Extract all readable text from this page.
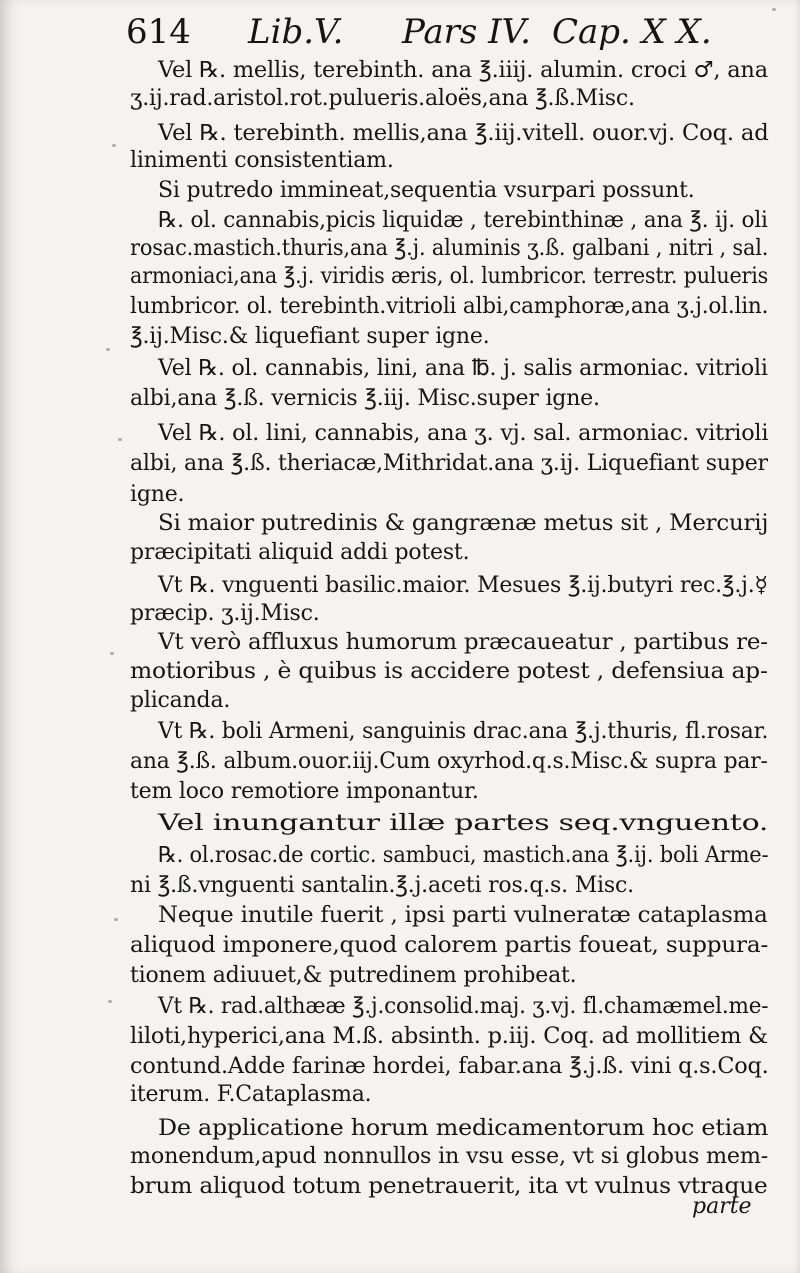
614 Lib.V. Pars IV. Cap. X X.
Vel ℞. mellis, terebinth. ana ℥.iiij. alumin. croci ♂, ana
ʒ.ij.rad.aristol.rot.pulueris.aloës,ana ℥.ß.Misc.
Vel ℞. terebinth. mellis,ana ℥.iij.vitell. ouor.vj. Coq. ad
linimenti consistentiam.
Si putredo immineat,sequentia vsurpari possunt.
℞. ol. cannabis,picis liquidæ , terebinthinæ , ana ℥. ij. oli
rosac.mastich.thuris,ana ℥.j. aluminis ʒ.ß. galbani , nitri , sal.
armoniaci,ana ℥.j. viridis æris, ol. lumbricor. terrestr. pulueris
lumbricor. ol. terebinth.vitrioli albi,camphoræ,ana ʒ.j.ol.lin.
℥.ij.Misc.& liquefiant super igne.
Vel ℞. ol. cannabis, lini, ana ℔. j. salis armoniac. vitrioli
albi,ana ℥.ß. vernicis ℥.iij. Misc.super igne.
Vel ℞. ol. lini, cannabis, ana ʒ. vj. sal. armoniac. vitrioli
albi, ana ℥.ß. theriacæ,Mithridat.ana ʒ.ij. Liquefiant super
igne.
Si maior putredinis & gangrænæ metus sit , Mercurij
præcipitati aliquid addi potest.
Vt ℞. vnguenti basilic.maior. Mesues ℥.ij.butyri rec.℥.j.☿
præcip. ʒ.ij.Misc.
Vt verò affluxus humorum præcaueatur , partibus re-
motioribus , è quibus is accidere potest , defensiua ap-
plicanda.
Vt ℞. boli Armeni, sanguinis drac.ana ℥.j.thuris, fl.rosar.
ana ℥.ß. album.ouor.iij.Cum oxyrhod.q.s.Misc.& supra par-
tem loco remotiore imponantur.
Vel inungantur illæ partes seq.vnguento.
℞. ol.rosac.de cortic. sambuci, mastich.ana ℥.ij. boli Arme-
ni ℥.ß.vnguenti santalin.℥.j.aceti ros.q.s. Misc.
Neque inutile fuerit , ipsi parti vulneratæ cataplasma
aliquod imponere,quod calorem partis foueat, suppura-
tionem adiuuet,& putredinem prohibeat.
Vt ℞. rad.althææ ℥.j.consolid.maj. ʒ.vj. fl.chamæmel.me-
liloti,hyperici,ana M.ß. absinth. p.iij. Coq. ad mollitiem &
contund.Adde farinæ hordei, fabar.ana ℥.j.ß. vini q.s.Coq.
iterum. F.Cataplasma.
De applicatione horum medicamentorum hoc etiam
monendum,apud nonnullos in vsu esse, vt si globus mem-
brum aliquod totum penetrauerit, ita vt vulnus vtraque
parte
